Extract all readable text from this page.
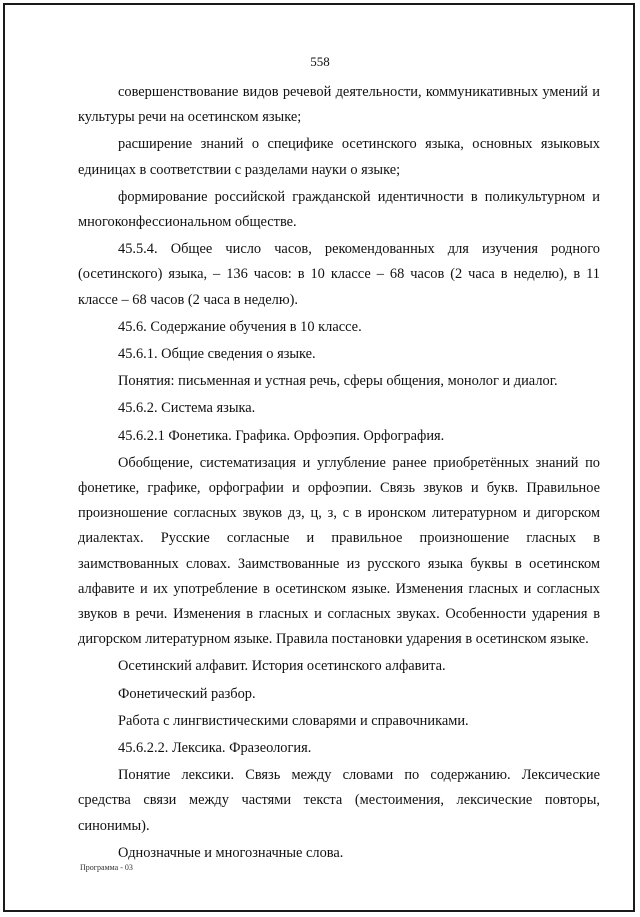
558

совершенствование видов речевой деятельности, коммуникативных умений и культуры речи на осетинском языке;

расширение знаний о специфике осетинского языка, основных языковых единицах в соответствии с разделами науки о языке;

формирование российской гражданской идентичности в поликультурном и многоконфессиональном обществе.

45.5.4. Общее число часов, рекомендованных для изучения родного (осетинского) языка, – 136 часов: в 10 классе – 68 часов (2 часа в неделю), в 11 классе – 68 часов (2 часа в неделю).

45.6. Содержание обучения в 10 классе.

45.6.1. Общие сведения о языке.

Понятия: письменная и устная речь, сферы общения, монолог и диалог.

45.6.2. Система языка.

45.6.2.1 Фонетика. Графика. Орфоэпия. Орфография.

Обобщение, систематизация и углубление ранее приобретённых знаний по фонетике, графике, орфографии и орфоэпии. Связь звуков и букв. Правильное произношение согласных звуков дз, ц, з, с в иронском литературном и дигорском диалектах. Русские согласные и правильное произношение гласных в заимствованных словах. Заимствованные из русского языка буквы в осетинском алфавите и их употребление в осетинском языке. Изменения гласных и согласных звуков в речи. Изменения в гласных и согласных звуках. Особенности ударения в дигорском литературном языке. Правила постановки ударения в осетинском языке.

Осетинский алфавит. История осетинского алфавита.

Фонетический разбор.

Работа с лингвистическими словарями и справочниками.

45.6.2.2. Лексика. Фразеология.

Понятие лексики. Связь между словами по содержанию. Лексические средства связи между частями текста (местоимения, лексические повторы, синонимы).

Однозначные и многозначные слова.

Программа - 03
